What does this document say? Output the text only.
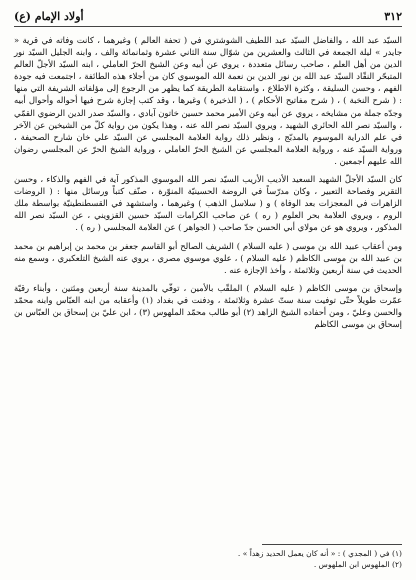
٣١٢
أولاد الإمام (ع)

السيّد عبد الله ، والفاضل السيّد عبد اللطيف الشوشتري في ( تحفة العالم ) وغيرهما ، كانت وفاته في قرية « جايدر » ليلة الجمعة في الثالث والعشرين من شوّال سنة الثاني عشرة وثمانمائة والف ، وابنه الجليل السيّد نور الدين من أهل العلم ، صاحب رسائل متعددة ، يروي عن أبيه وعن الشيخ الحرّ العاملي ، ابنه السيّد الأجلّ العالم المتبحّر النقّاد السيّد عبد الله بن نور الدين بن نعمة الله الموسوي كان من أجلاء هذه الطائفة ، اجتمعت فيه جودة الفهم ، وحسن السليقة ، وكثرة الاطلاع ، واستقامة الطريقة كما يظهر من الرجوع إلى مؤلفاته الشريفة التي منها : ( شرح النخبة ) ، ( شرح مفاتيح الأحكام ) ، ( الذخيرة ) وغيرها ، وقد كتب إجازة شرح فيها أحواله وأحوال أبيه وجدّه جملة من مشايخه ، يروي عن أبيه وعن الأمير محمد حسين خاتون آبادي ، والسيّد صدر الدين الرضوي القمّي ، والسيّد نصر الله الحائري الشهيد ، ويروي السيّد نصر الله عنه ، وهذا يكون من رواية كلّ من الشيخين عن الآخر في علم الدراية الموسوم بالمدبّج ، ونظير ذلك رواية العلامة المجلسي عن السيّد علي خان شارح الصحيفة ، ورواية السيّد عنه ، ورواية العلامة المجلسي عن الشيخ الحرّ العاملي ، ورواية الشيخ الحرّ عن المجلسي رضوان الله عليهم أجمعين .

كان السيّد الأجلّ الشهيد السعيد الأديب الأريب السيّد نصر الله الموسوي المذكور آية في الفهم والذكاء ، وحسن التقرير وفصاحة التعبير ، وكان مدرّساً في الروضة الحسينيّة المنوّرة ، صنّف كتباً ورسائل منها : ( الروضات الزاهرات في المعجزات بعد الوفاة ) و ( سلاسل الذهب ) وغيرهما ، واستشهد في القسطنطينيّة بواسطة ملك الروم ، ويروي العلامة بحر العلوم ( ره ) عن صاحب الكرامات السيّد حسين القزويني ، عن السيّد نصر الله المذكور ، ويروي هو عن مولاي أبي الحسن جدّ صاحب ( الجواهر ) عن العلامة المجلسي ( ره ) .

ومن أعقاب عبيد الله بن موسى ( عليه السلام ) الشريف الصالح أبو القاسم جعفر بن محمد بن إبراهيم بن محمد بن عبيد الله بن موسى الكاظم ( عليه السلام ) ، علوي موسوي مصري ، يروي عنه الشيخ التلعكبري ، وسمع منه الحديث في سنة أربعين وثلاثمئة ، وأخذ الإجازة عنه .

وإسحاق بن موسى الكاظم ( عليه السلام ) الملقّب بالأمين ، توفّي بالمدينة سنة أربعين ومئتين ، وأبناء رقيّة عمّرت طويلاً حتّى توفيت سنة ستّ عشرة وثلاثمئة ، ودفنت في بغداد (١) وأعقابه من ابنه العبّاس وابنه محمّد والحسن وعليّ ، ومن أحفاده الشيخ الزاهد (٢) أبو طالب محمّد الملهوس (٣) ، ابن عليّ بن إسحاق بن العبّاس بن إسحاق بن موسى الكاظم

(١) في ( المجدي ) : « أنه كان يعمل الحديد زهداً » .
(٢) الملهوس ابن الملهوس .
